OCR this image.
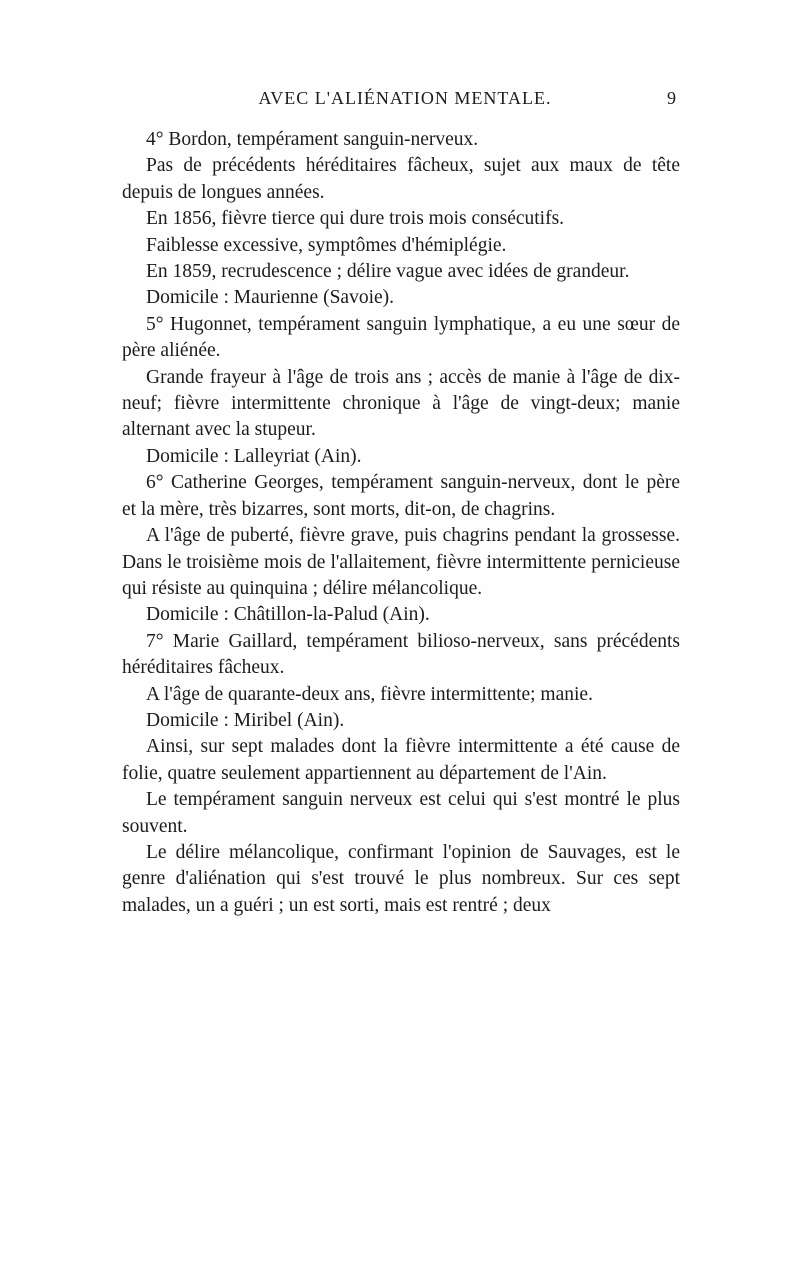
AVEC L'ALIÉNATION MENTALE.	9

4° Bordon, tempérament sanguin-nerveux.

Pas de précédents héréditaires fâcheux, sujet aux maux de tête depuis de longues années.

En 1856, fièvre tierce qui dure trois mois consécutifs.

Faiblesse excessive, symptômes d'hémiplégie.

En 1859, recrudescence ; délire vague avec idées de grandeur.

Domicile : Maurienne (Savoie).

5° Hugonnet, tempérament sanguin lymphatique, a eu une sœur de père aliénée.

Grande frayeur à l'âge de trois ans ; accès de manie à l'âge de dix-neuf; fièvre intermittente chronique à l'âge de vingt-deux; manie alternant avec la stupeur.

Domicile : Lalleyriat (Ain).

6° Catherine Georges, tempérament sanguin-nerveux, dont le père et la mère, très bizarres, sont morts, dit-on, de chagrins.

A l'âge de puberté, fièvre grave, puis chagrins pendant la grossesse. Dans le troisième mois de l'allaitement, fièvre intermittente pernicieuse qui résiste au quinquina ; délire mélancolique.

Domicile : Châtillon-la-Palud (Ain).

7° Marie Gaillard, tempérament bilioso-nerveux, sans précédents héréditaires fâcheux.

A l'âge de quarante-deux ans, fièvre intermittente; manie.

Domicile : Miribel (Ain).

Ainsi, sur sept malades dont la fièvre intermittente a été cause de folie, quatre seulement appartiennent au département de l'Ain.

Le tempérament sanguin nerveux est celui qui s'est montré le plus souvent.

Le délire mélancolique, confirmant l'opinion de Sauvages, est le genre d'aliénation qui s'est trouvé le plus nombreux. Sur ces sept malades, un a guéri ; un est sorti, mais est rentré ; deux
